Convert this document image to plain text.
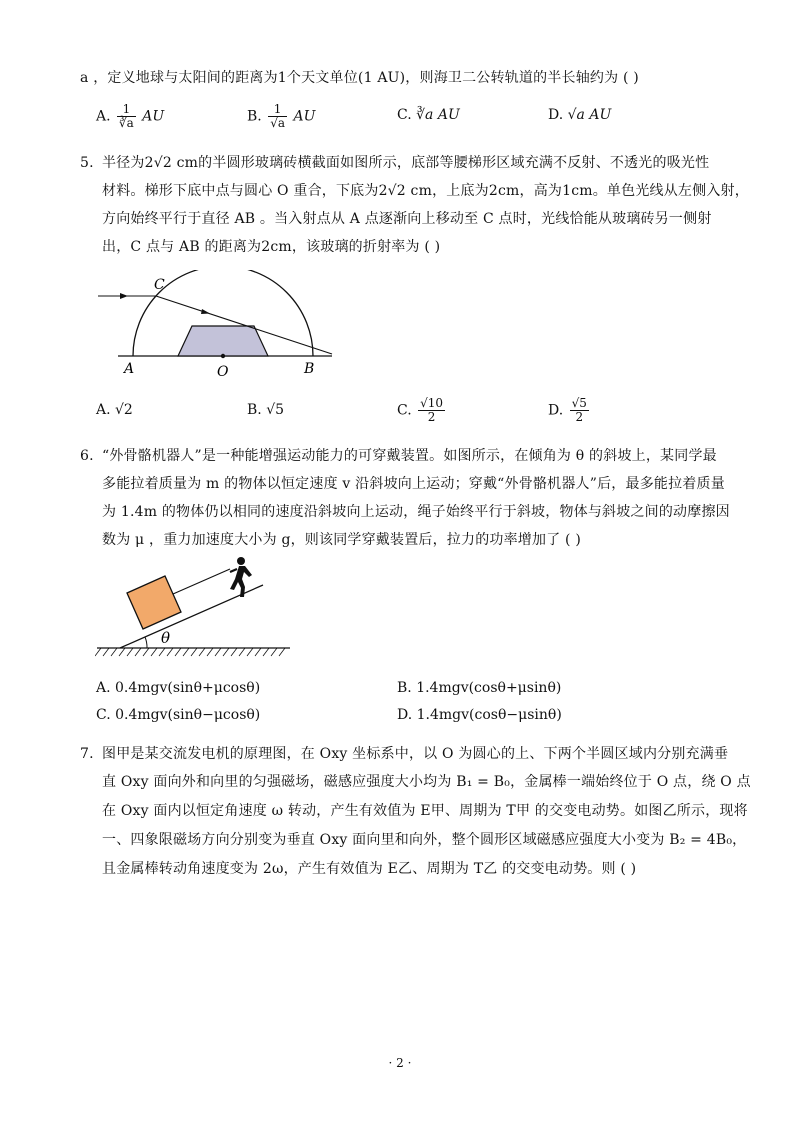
a ，定义地球与太阳间的距离为1个天文单位(1 AU)，则海卫二公转轨道的半长轴约为 ( )
A. $\frac{1}{∛a}$ AU	B. $\frac{1}{√a}$ AU	C. ∛a AU	D. √a AU
5. 半径为2√2 cm的半圆形玻璃砖横截面如图所示，底部等腰梯形区域充满不反射、不透光的吸光性
材料。梯形下底中点与圆心 O 重合，下底为2√2 cm，上底为2cm，高为1cm。单色光线从左侧入射，
方向始终平行于直径 AB 。当入射点从 A 点逐渐向上移动至 C 点时，光线恰能从玻璃砖另一侧射
出，C 点与 AB 的距离为2cm，该玻璃的折射率为 ( )
C
A	O	B
A. √2	B. √5	C. $\frac{√10}{2}$	D. $\frac{√5}{2}$
6. “外骨骼机器人”是一种能增强运动能力的可穿戴装置。如图所示，在倾角为 θ 的斜坡上，某同学最
多能拉着质量为 m 的物体以恒定速度 v 沿斜坡向上运动；穿戴“外骨骼机器人”后，最多能拉着质量
为 1.4m 的物体仍以相同的速度沿斜坡向上运动，绳子始终平行于斜坡，物体与斜坡之间的动摩擦因
数为 μ ，重力加速度大小为 g，则该同学穿戴装置后，拉力的功率增加了 ( )
θ
A. 0.4mgv(sinθ+μcosθ)	B. 1.4mgv(cosθ+μsinθ)
C. 0.4mgv(sinθ−μcosθ)	D. 1.4mgv(cosθ−μsinθ)
7. 图甲是某交流发电机的原理图，在 Oxy 坐标系中，以 O 为圆心的上、下两个半圆区域内分别充满垂
直 Oxy 面向外和向里的匀强磁场，磁感应强度大小均为 B₁ = B₀，金属棒一端始终位于 O 点，绕 O 点
在 Oxy 面内以恒定角速度 ω 转动，产生有效值为 E甲、周期为 T甲 的交变电动势。如图乙所示，现将
一、四象限磁场方向分别变为垂直 Oxy 面向里和向外，整个圆形区域磁感应强度大小变为 B₂ = 4B₀，
且金属棒转动角速度变为 2ω，产生有效值为 E乙、周期为 T乙 的交变电动势。则 ( )
· 2 ·
